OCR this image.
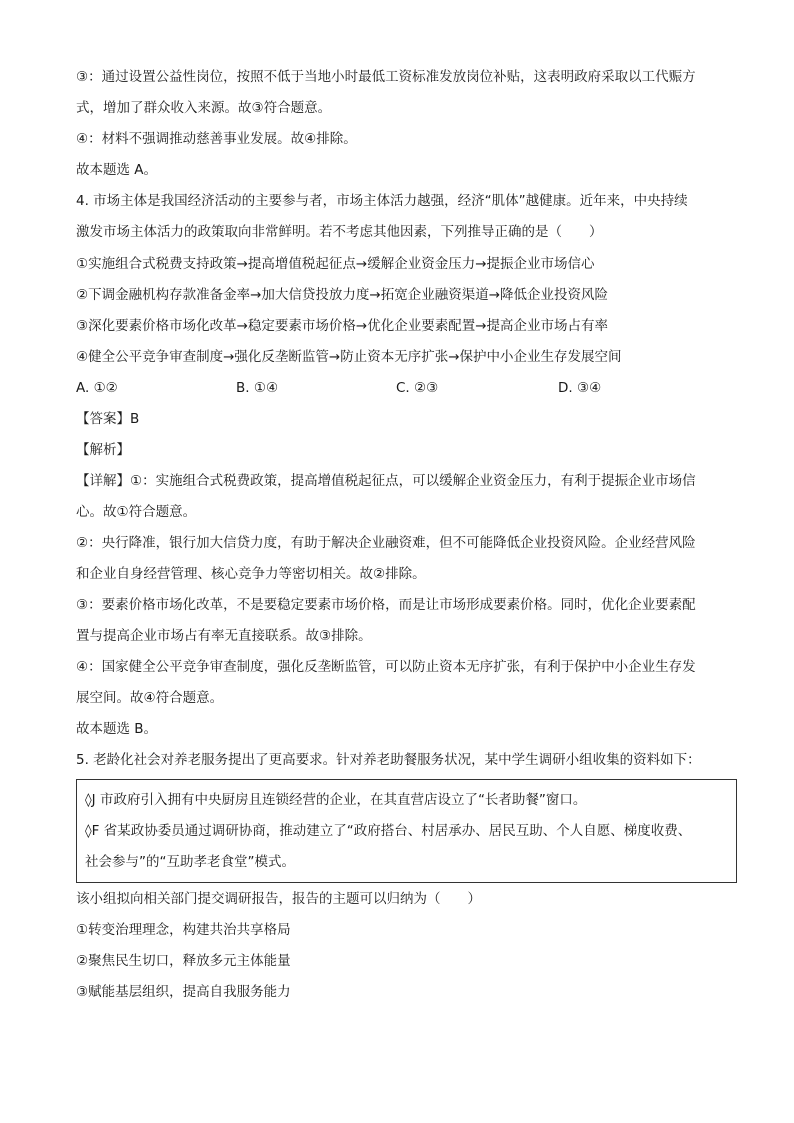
③：通过设置公益性岗位，按照不低于当地小时最低工资标准发放岗位补贴，这表明政府采取以工代赈方
式，增加了群众收入来源。故③符合题意。
④：材料不强调推动慈善事业发展。故④排除。
故本题选 A。
4. 市场主体是我国经济活动的主要参与者，市场主体活力越强，经济“肌体”越健康。近年来，中央持续
激发市场主体活力的政策取向非常鲜明。若不考虑其他因素，下列推导正确的是（　　）
①实施组合式税费支持政策→提高增值税起征点→缓解企业资金压力→提振企业市场信心
②下调金融机构存款准备金率→加大信贷投放力度→拓宽企业融资渠道→降低企业投资风险
③深化要素价格市场化改革→稳定要素市场价格→优化企业要素配置→提高企业市场占有率
④健全公平竞争审查制度→强化反垄断监管→防止资本无序扩张→保护中小企业生存发展空间
A. ①②	B. ①④	C. ②③	D. ③④
【答案】B
【解析】
【详解】①：实施组合式税费政策，提高增值税起征点，可以缓解企业资金压力，有利于提振企业市场信
心。故①符合题意。
②：央行降准，银行加大信贷力度，有助于解决企业融资难，但不可能降低企业投资风险。企业经营风险
和企业自身经营管理、核心竞争力等密切相关。故②排除。
③：要素价格市场化改革，不是要稳定要素市场价格，而是让市场形成要素价格。同时，优化企业要素配
置与提高企业市场占有率无直接联系。故③排除。
④：国家健全公平竞争审查制度，强化反垄断监管，可以防止资本无序扩张，有利于保护中小企业生存发
展空间。故④符合题意。
故本题选 B。
5. 老龄化社会对养老服务提出了更高要求。针对养老助餐服务状况，某中学生调研小组收集的资料如下：
◊J 市政府引入拥有中央厨房且连锁经营的企业，在其直营店设立了“长者助餐”窗口。
◊F 省某政协委员通过调研协商，推动建立了“政府搭台、村居承办、居民互助、个人自愿、梯度收费、
社会参与”的“互助孝老食堂”模式。
该小组拟向相关部门提交调研报告，报告的主题可以归纳为（　　）
①转变治理理念，构建共治共享格局
②聚焦民生切口，释放多元主体能量
③赋能基层组织，提高自我服务能力
